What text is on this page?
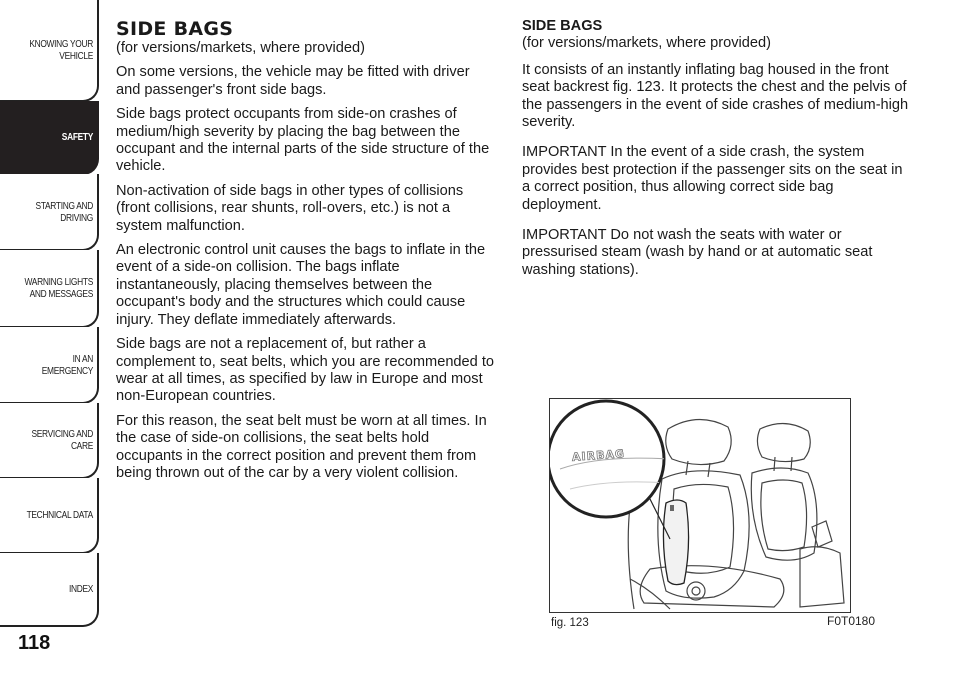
KNOWING YOUR VEHICLE
SAFETY
STARTING AND DRIVING
WARNING LIGHTS AND MESSAGES
IN AN EMERGENCY
SERVICING AND CARE
TECHNICAL DATA
INDEX
118
SIDE BAGS

(for versions/markets, where provided)

On some versions, the vehicle may be fitted with driver and passenger's front side bags.

Side bags protect occupants from side-on crashes of medium/high severity by placing the bag between the occupant and the internal parts of the side structure of the vehicle.

Non-activation of side bags in other types of collisions (front collisions, rear shunts, roll-overs, etc.) is not a system malfunction.

An electronic control unit causes the bags to inflate in the event of a side-on collision. The bags inflate instantaneously, placing themselves between the occupant's body and the structures which could cause injury. They deflate immediately afterwards.

Side bags are not a replacement of, but rather a complement to, seat belts, which you are recommended to wear at all times, as specified by law in Europe and most non-European countries.

For this reason, the seat belt must be worn at all times. In the case of side-on collisions, the seat belts hold occupants in the correct position and prevent them from being thrown out of the car by a very violent collision.

SIDE BAGS

(for versions/markets, where provided)

It consists of an instantly inflating bag housed in the front seat backrest fig. 123. It protects the chest and the pelvis of the passengers in the event of side crashes of medium-high severity.

IMPORTANT In the event of a side crash, the system provides best protection if the passenger sits on the seat in a correct position, thus allowing correct side bag deployment.

IMPORTANT Do not wash the seats with water or pressurised steam (wash by hand or at automatic seat washing stations).

AIRBAG
fig. 123	F0T0180
